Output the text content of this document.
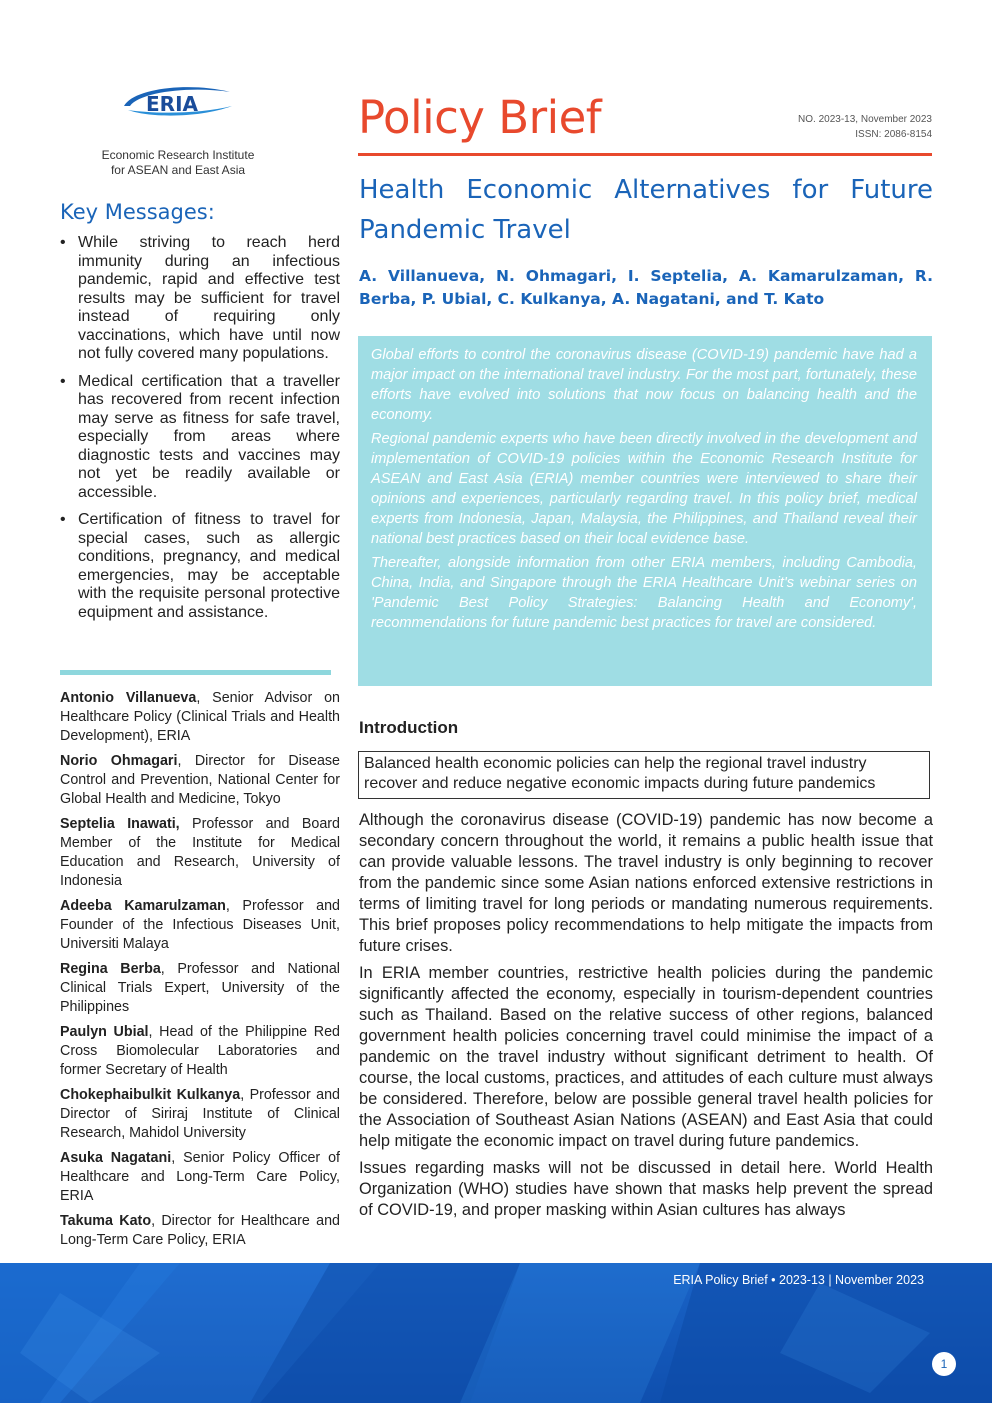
ERIA
Economic Research Institute
for ASEAN and East Asia
Policy Brief	NO. 2023-13, November 2023
ISSN: 2086-8154
Health Economic Alternatives for Future Pandemic Travel
A. Villanueva, N. Ohmagari, I. Septelia, A. Kamarulzaman, R. Berba, P. Ubial, C. Kulkanya, A. Nagatani, and T. Kato

Global efforts to control the coronavirus disease (COVID-19) pandemic have had a major impact on the international travel industry. For the most part, fortunately, these efforts have evolved into solutions that now focus on balancing health and the economy.

Regional pandemic experts who have been directly involved in the development and implementation of COVID-19 policies within the Economic Research Institute for ASEAN and East Asia (ERIA) member countries were interviewed to share their opinions and experiences, particularly regarding travel. In this policy brief, medical experts from Indonesia, Japan, Malaysia, the Philippines, and Thailand reveal their national best practices based on their local evidence base.

Thereafter, alongside information from other ERIA members, including Cambodia, China, India, and Singapore through the ERIA Healthcare Unit's webinar series on 'Pandemic Best Policy Strategies: Balancing Health and Economy', recommendations for future pandemic best practices for travel are considered.

Key Messages:
• While striving to reach herd immunity during an infectious pandemic, rapid and effective test results may be sufficient for travel instead of requiring only vaccinations, which have until now not fully covered many populations.
• Medical certification that a traveller has recovered from recent infection may serve as fitness for safe travel, especially from areas where diagnostic tests and vaccines may not yet be readily available or accessible.
• Certification of fitness to travel for special cases, such as allergic conditions, pregnancy, and medical emergencies, may be acceptable with the requisite personal protective equipment and assistance.
Antonio Villanueva, Senior Advisor on Healthcare Policy (Clinical Trials and Health Development), ERIA
Norio Ohmagari, Director for Disease Control and Prevention, National Center for Global Health and Medicine, Tokyo
Septelia Inawati, Professor and Board Member of the Institute for Medical Education and Research, University of Indonesia
Adeeba Kamarulzaman, Professor and Founder of the Infectious Diseases Unit, Universiti Malaya
Regina Berba, Professor and National Clinical Trials Expert, University of the Philippines
Paulyn Ubial, Head of the Philippine Red Cross Biomolecular Laboratories and former Secretary of Health
Chokephaibulkit Kulkanya, Professor and Director of Siriraj Institute of Clinical Research, Mahidol University
Asuka Nagatani, Senior Policy Officer of Healthcare and Long-Term Care Policy, ERIA
Takuma Kato, Director for Healthcare and Long-Term Care Policy, ERIA
Introduction
Balanced health economic policies can help the regional travel industry recover and reduce negative economic impacts during future pandemics

Although the coronavirus disease (COVID-19) pandemic has now become a secondary concern throughout the world, it remains a public health issue that can provide valuable lessons. The travel industry is only beginning to recover from the pandemic since some Asian nations enforced extensive restrictions in terms of limiting travel for long periods or mandating numerous requirements. This brief proposes policy recommendations to help mitigate the impacts from future crises.

In ERIA member countries, restrictive health policies during the pandemic significantly affected the economy, especially in tourism-dependent countries such as Thailand. Based on the relative success of other regions, balanced government health policies concerning travel could minimise the impact of a pandemic on the travel industry without significant detriment to health. Of course, the local customs, practices, and attitudes of each culture must always be considered. Therefore, below are possible general travel health policies for the Association of Southeast Asian Nations (ASEAN) and East Asia that could help mitigate the economic impact on travel during future pandemics.

Issues regarding masks will not be discussed in detail here. World Health Organization (WHO) studies have shown that masks help prevent the spread of COVID-19, and proper masking within Asian cultures has always

ERIA Policy Brief • 2023-13 | November 2023
1
